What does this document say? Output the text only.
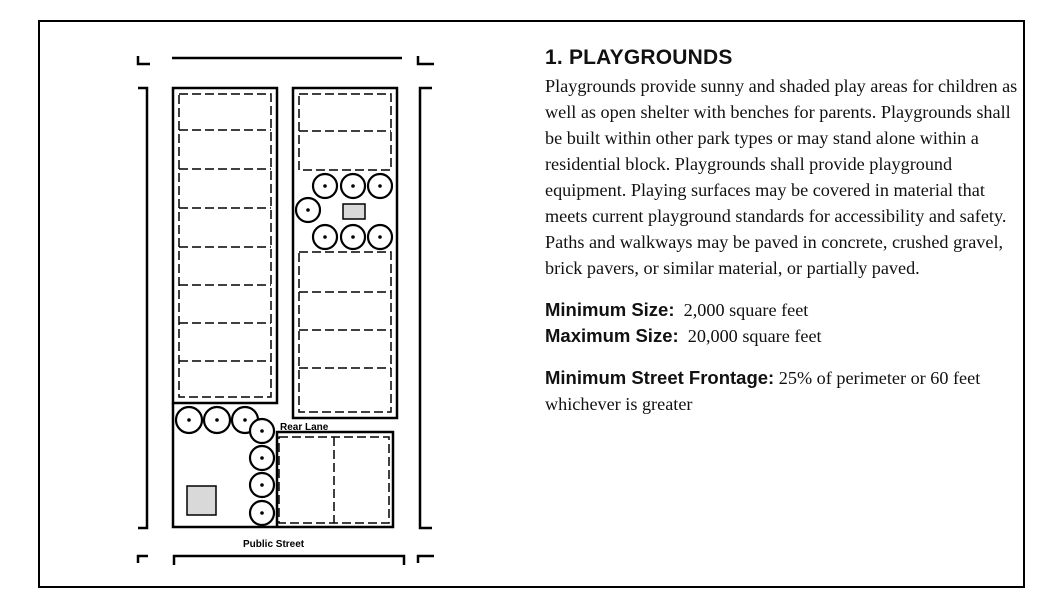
Rear Lane
Public Street
1. PLAYGROUNDS

Playgrounds provide sunny and shaded play areas for children as well as open shelter with benches for parents. Playgrounds shall be built within other park types or may stand alone within a residential block. Playgrounds shall provide playground equipment. Playing surfaces may be covered in material that meets current playground standards for accessibility and safety. Paths and walkways may be paved in concrete, crushed gravel, brick pavers, or similar material, or partially paved.

Minimum Size: 2,000 square feet
Maximum Size: 20,000 square feet
Minimum Street Frontage: 25% of perimeter or 60 feet whichever is greater
